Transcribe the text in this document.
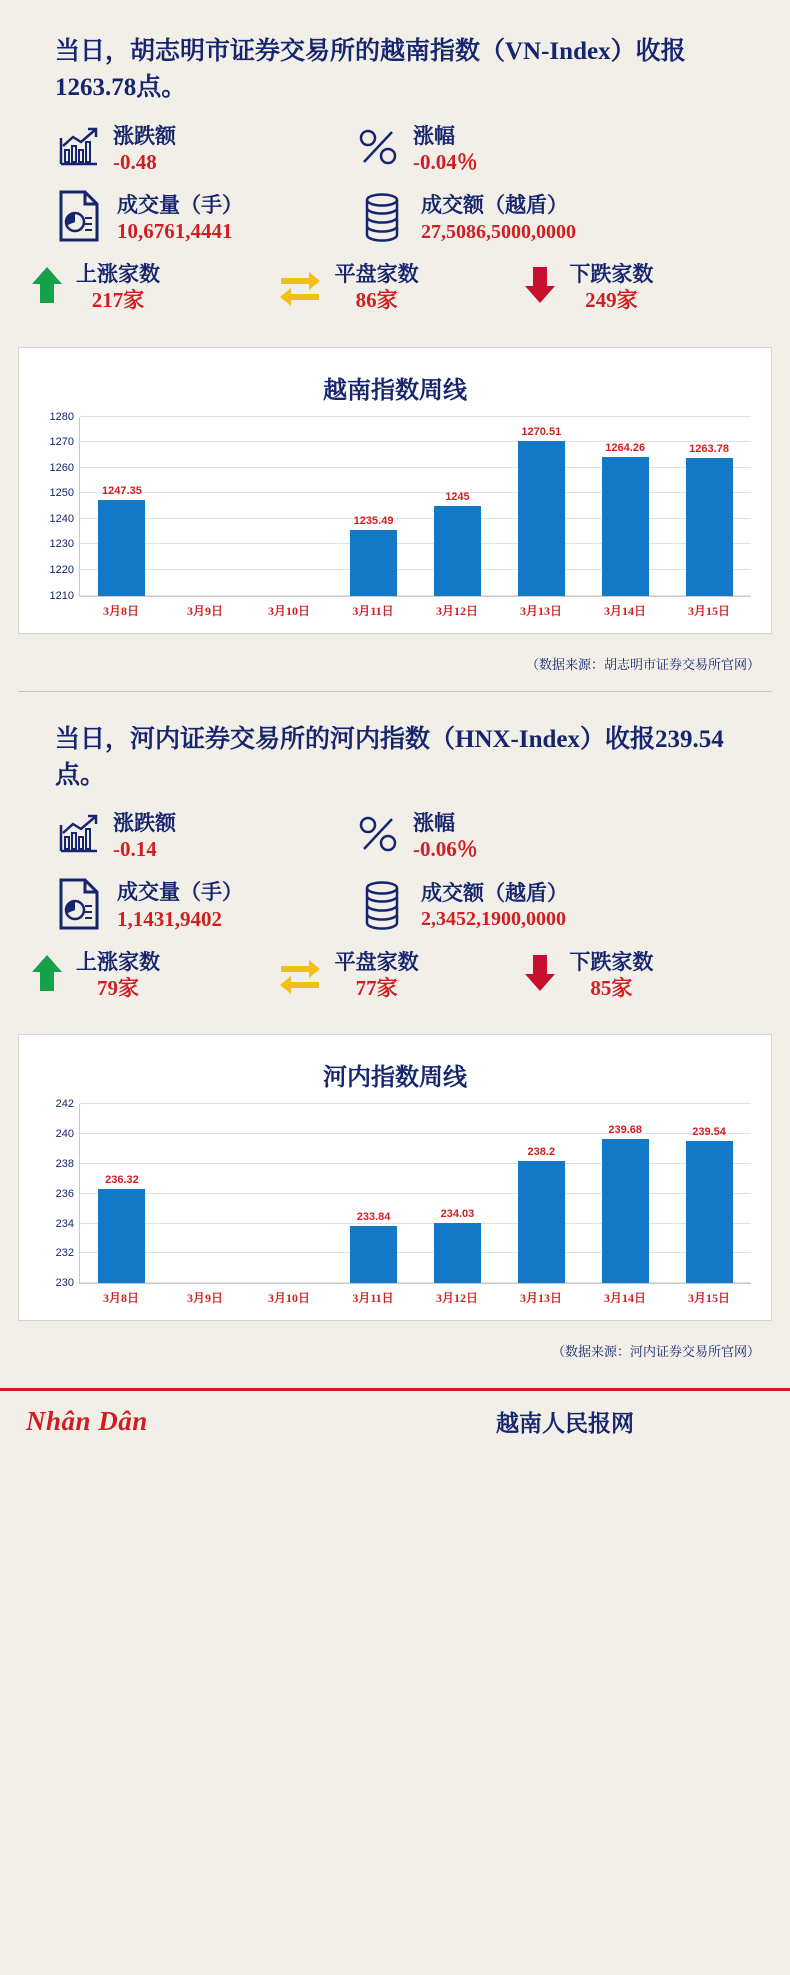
当日，胡志明市证券交易所的越南指数（VN-Index）收报1263.78点。
涨跌额
-0.48
涨幅
-0.04％
成交量（手）
10,6761,4441
成交额（越盾）
27,5086,5000,0000
上涨家数
217家
平盘家数
86家
下跌家数
249家
越南指数周线
1210
1220
1230
1240
1250
1260
1270
1280
1247.35
1235.49
1245
1270.51
1264.26	1263.78
3月8日	3月9日	3月10日	3月11日	3月12日	3月13日	3月14日	3月15日
（数据来源：胡志明市证券交易所官网）
当日，河内证券交易所的河内指数（HNX-Index）收报239.54点。
涨跌额
-0.14
涨幅
-0.06％
成交量（手）
1,1431,9402
成交额（越盾）
2,3452,1900,0000
上涨家数
79家
平盘家数
77家
下跌家数
85家
河内指数周线
230
232
234
236
238
240
242
236.32
233.84	234.03
238.2
239.68	239.54
3月8日	3月9日	3月10日	3月11日	3月12日	3月13日	3月14日	3月15日
（数据来源：河内证券交易所官网）
Nhân Dân	越南人民报网
